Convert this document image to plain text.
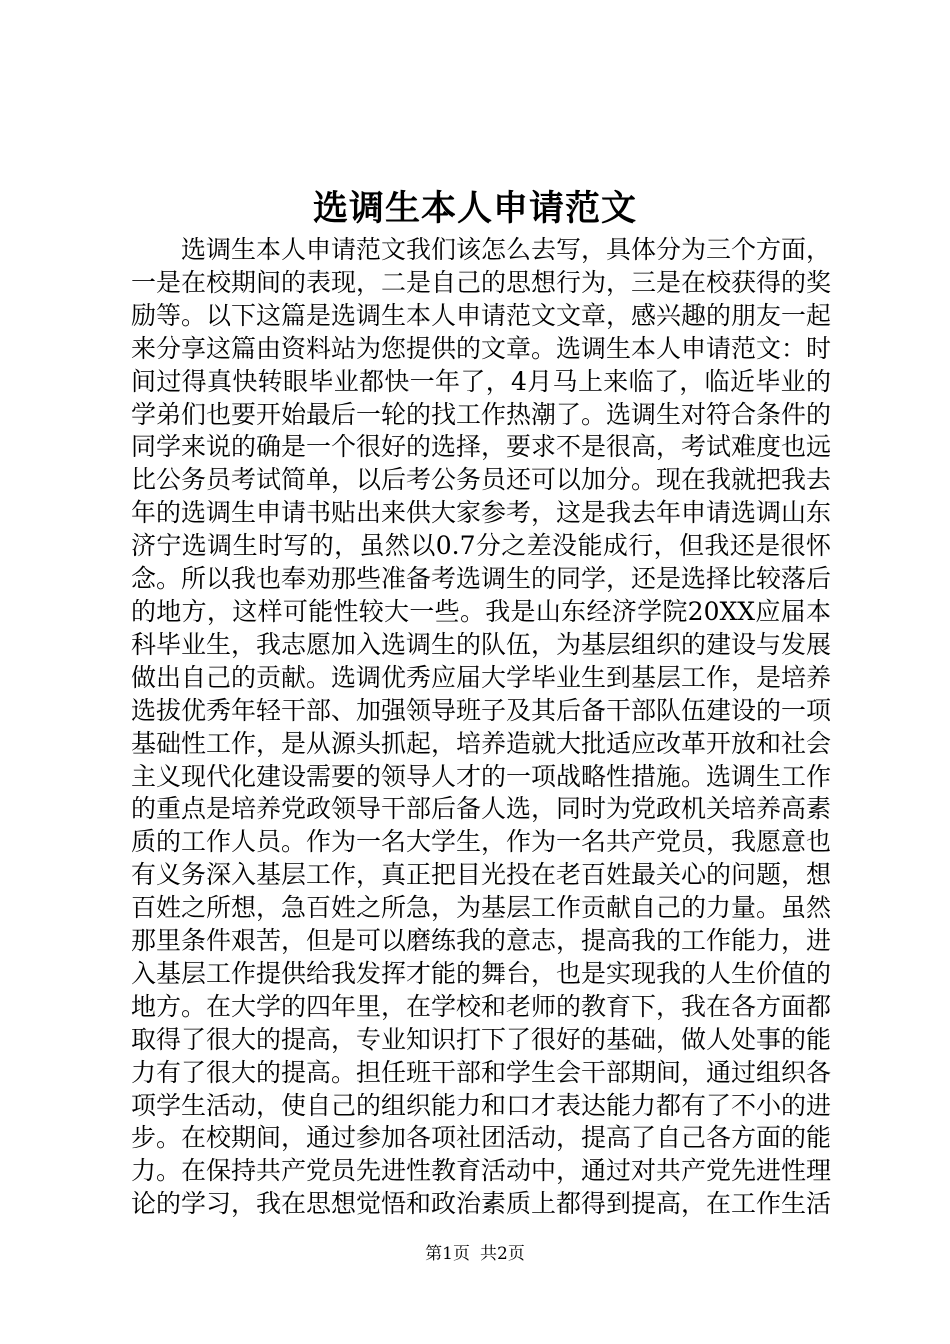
选调生本人申请范文

选调生本人申请范文我们该怎么去写，具体分为三个方面，一是在校期间的表现，二是自己的思想行为，三是在校获得的奖励等。以下这篇是选调生本人申请范文文章，感兴趣的朋友一起来分享这篇由资料站为您提供的文章。选调生本人申请范文：时间过得真快转眼毕业都快一年了，4月马上来临了，临近毕业的学弟们也要开始最后一轮的找工作热潮了。选调生对符合条件的同学来说的确是一个很好的选择，要求不是很高，考试难度也远比公务员考试简单，以后考公务员还可以加分。现在我就把我去年的选调生申请书贴出来供大家参考，这是我去年申请选调山东济宁选调生时写的，虽然以0.7分之差没能成行，但我还是很怀念。所以我也奉劝那些准备考选调生的同学，还是选择比较落后的地方，这样可能性较大一些。我是山东经济学院20XX应届本科毕业生，我志愿加入选调生的队伍，为基层组织的建设与发展做出自己的贡献。选调优秀应届大学毕业生到基层工作，是培养选拔优秀年轻干部、加强领导班子及其后备干部队伍建设的一项基础性工作，是从源头抓起，培养造就大批适应改革开放和社会主义现代化建设需要的领导人才的一项战略性措施。选调生工作的重点是培养党政领导干部后备人选，同时为党政机关培养高素质的工作人员。作为一名大学生，作为一名共产党员，我愿意也有义务深入基层工作，真正把目光投在老百姓最关心的问题，想百姓之所想，急百姓之所急，为基层工作贡献自己的力量。虽然那里条件艰苦，但是可以磨练我的意志，提高我的工作能力，进入基层工作提供给我发挥才能的舞台，也是实现我的人生价值的地方。在大学的四年里，在学校和老师的教育下，我在各方面都取得了很大的提高，专业知识打下了很好的基础，做人处事的能力有了很大的提高。担任班干部和学生会干部期间，通过组织各项学生活动，使自己的组织能力和口才表达能力都有了不小的进步。在校期间，通过参加各项社团活动，提高了自己各方面的能力。在保持共产党员先进性教育活动中，通过对共产党先进性理论的学习，我在思想觉悟和政治素质上都得到提高，在工作生活

第1页 共2页
